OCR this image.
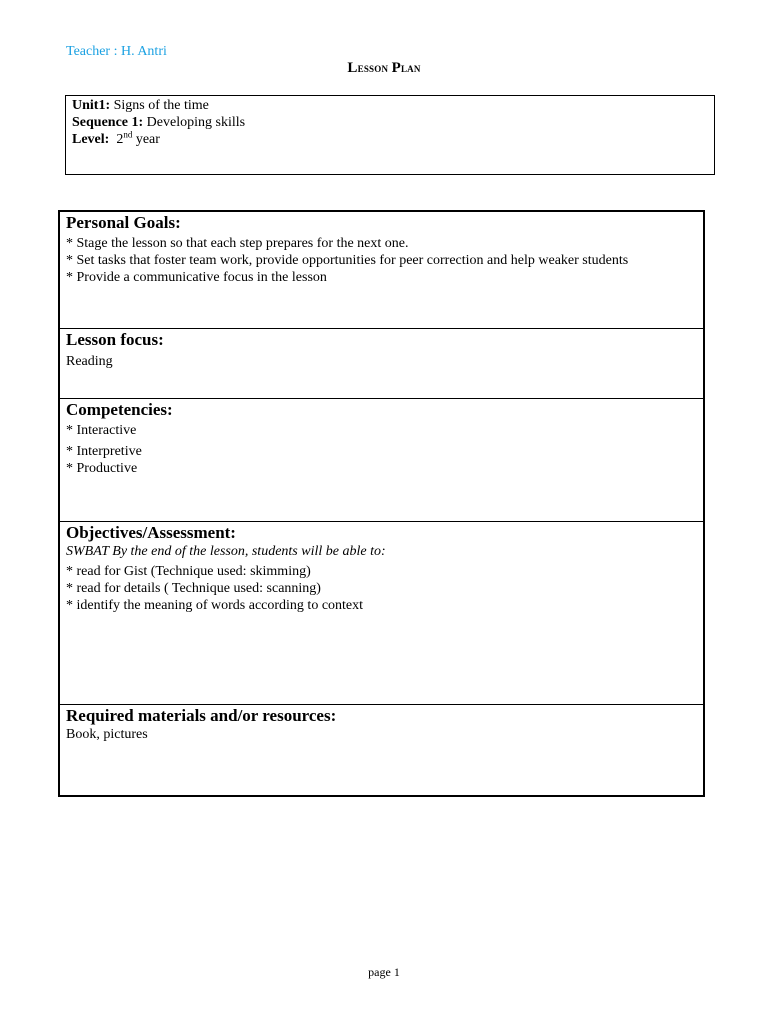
Teacher : H. Antri
Lesson Plan
Unit1: Signs of the time
Sequence 1: Developing skills
Level: 2nd year
Personal Goals:
* Stage the lesson so that each step prepares for the next one.
* Set tasks that foster team work, provide opportunities for peer correction and help weaker students
* Provide a communicative focus in the lesson
Lesson focus:
Reading
Competencies:
* Interactive
* Interpretive
* Productive
Objectives/Assessment:
SWBAT By the end of the lesson, students will be able to:
* read for Gist (Technique used: skimming)
* read for details ( Technique used: scanning)
* identify the meaning of words according to context
Required materials and/or resources:
Book, pictures
page 1
